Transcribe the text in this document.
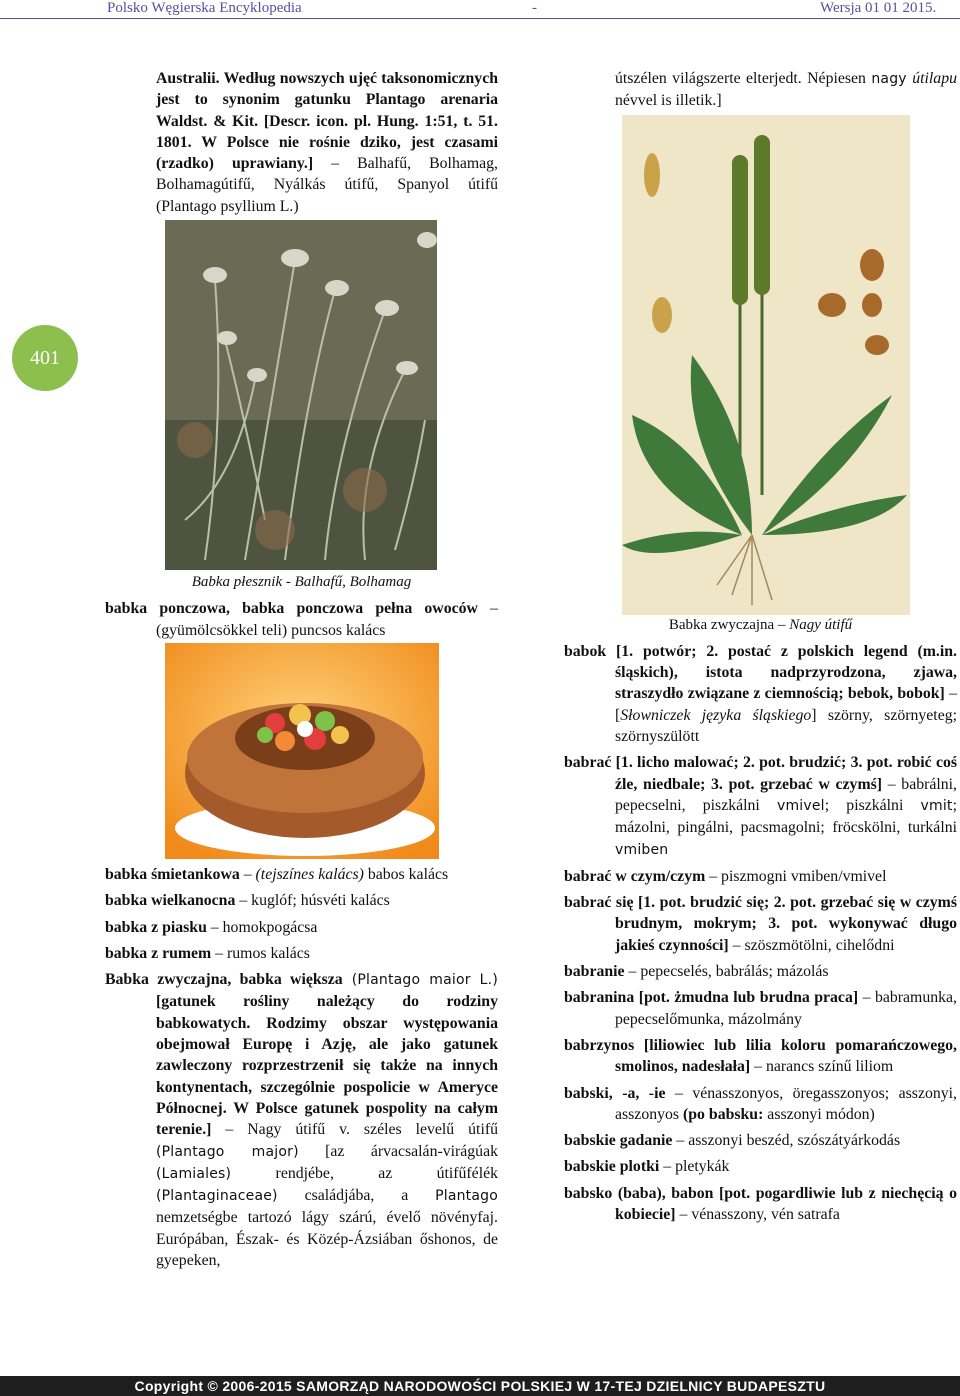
Polsko Węgierska Encyklopedia	-	Wersja 01 01 2015.
401

Australii. Według nowszych ujęć taksonomicznych jest to synonim gatunku Plantago arenaria Waldst. & Kit. [Descr. icon. pl. Hung. 1:51, t. 51. 1801. W Polsce nie rośnie dziko, jest czasami (rzadko) uprawiany.] – Balhafű, Bolhamag, Bolhamagútifű, Nyálkás útifű, Spanyol útifű (Plantago psyllium L.)

Babka płesznik - Balhafű, Bolhamag

babka ponczowa, babka ponczowa pełna owoców – (gyümölcsökkel teli) puncsos kalács

babka śmietankowa – (tejszínes kalács) babos kalács

babka wielkanocna – kuglóf; húsvéti kalács

babka z piasku – homokpogácsa

babka z rumem – rumos kalács

Babka zwyczajna, babka większa (Plantago maior L.) [gatunek rośliny należący do rodziny babkowatych. Rodzimy obszar występowania obejmował Europę i Azję, ale jako gatunek zawleczony rozprzestrzenił się także na innych kontynentach, szczególnie pospolicie w Ameryce Północnej. W Polsce gatunek pospolity na całym terenie.] – Nagy útifű v. széles levelű útifű (Plantago major) [az árvacsalán-virágúak (Lamiales) rendjébe, az útifűfélék (Plantaginaceae) családjába, a Plantago nemzetségbe tartozó lágy szárú, évelő növényfaj. Európában, Észak- és Közép-Ázsiában őshonos, de gyepeken,

útszélen világszerte elterjedt. Népiesen nagy útilapu névvel is illetik.]

Babka zwyczajna – Nagy útifű

babok [1. potwór; 2. postać z polskich legend (m.in. śląskich), istota nadprzyrodzona, zjawa, straszydło związane z ciemnością; bebok, bobok] – [Słowniczek języka śląskiego] szörny, szörnyeteg; szörnyszülött

babrać [1. licho malować; 2. pot. brudzić; 3. pot. robić coś źle, niedbale; 3. pot. grzebać w czymś] – babrálni, pepecselni, piszkálni vmivel; piszkálni vmit; mázolni, pingálni, pacsmagolni; fröcskölni, turkálni vmiben

babrać w czym/czym – piszmogni vmiben/vmivel

babrać się [1. pot. brudzić się; 2. pot. grzebać się w czymś brudnym, mokrym; 3. pot. wykonywać długo jakieś czynności] – szöszmötölni, cihelődni

babranie – pepecselés, babrálás; mázolás

babranina [pot. żmudna lub brudna praca] – babramunka, pepecselőmunka, mázolmány

babrzynos [liliowiec lub lilia koloru pomarańczowego, smolinos, nadesłała] – narancs színű liliom

babski, -a, -ie – vénasszonyos, öregasszonyos; asszonyi, asszonyos (po babsku: asszonyi módon)

babskie gadanie – asszonyi beszéd, szószátyárkodás

babskie plotki – pletykák

babsko (baba), babon [pot. pogardliwie lub z niechęcią o kobiecie] – vénasszony, vén satrafa

Copyright © 2006-2015 SAMORZĄD NARODOWOŚCI POLSKIEJ W 17-TEJ DZIELNICY BUDAPESZTU
